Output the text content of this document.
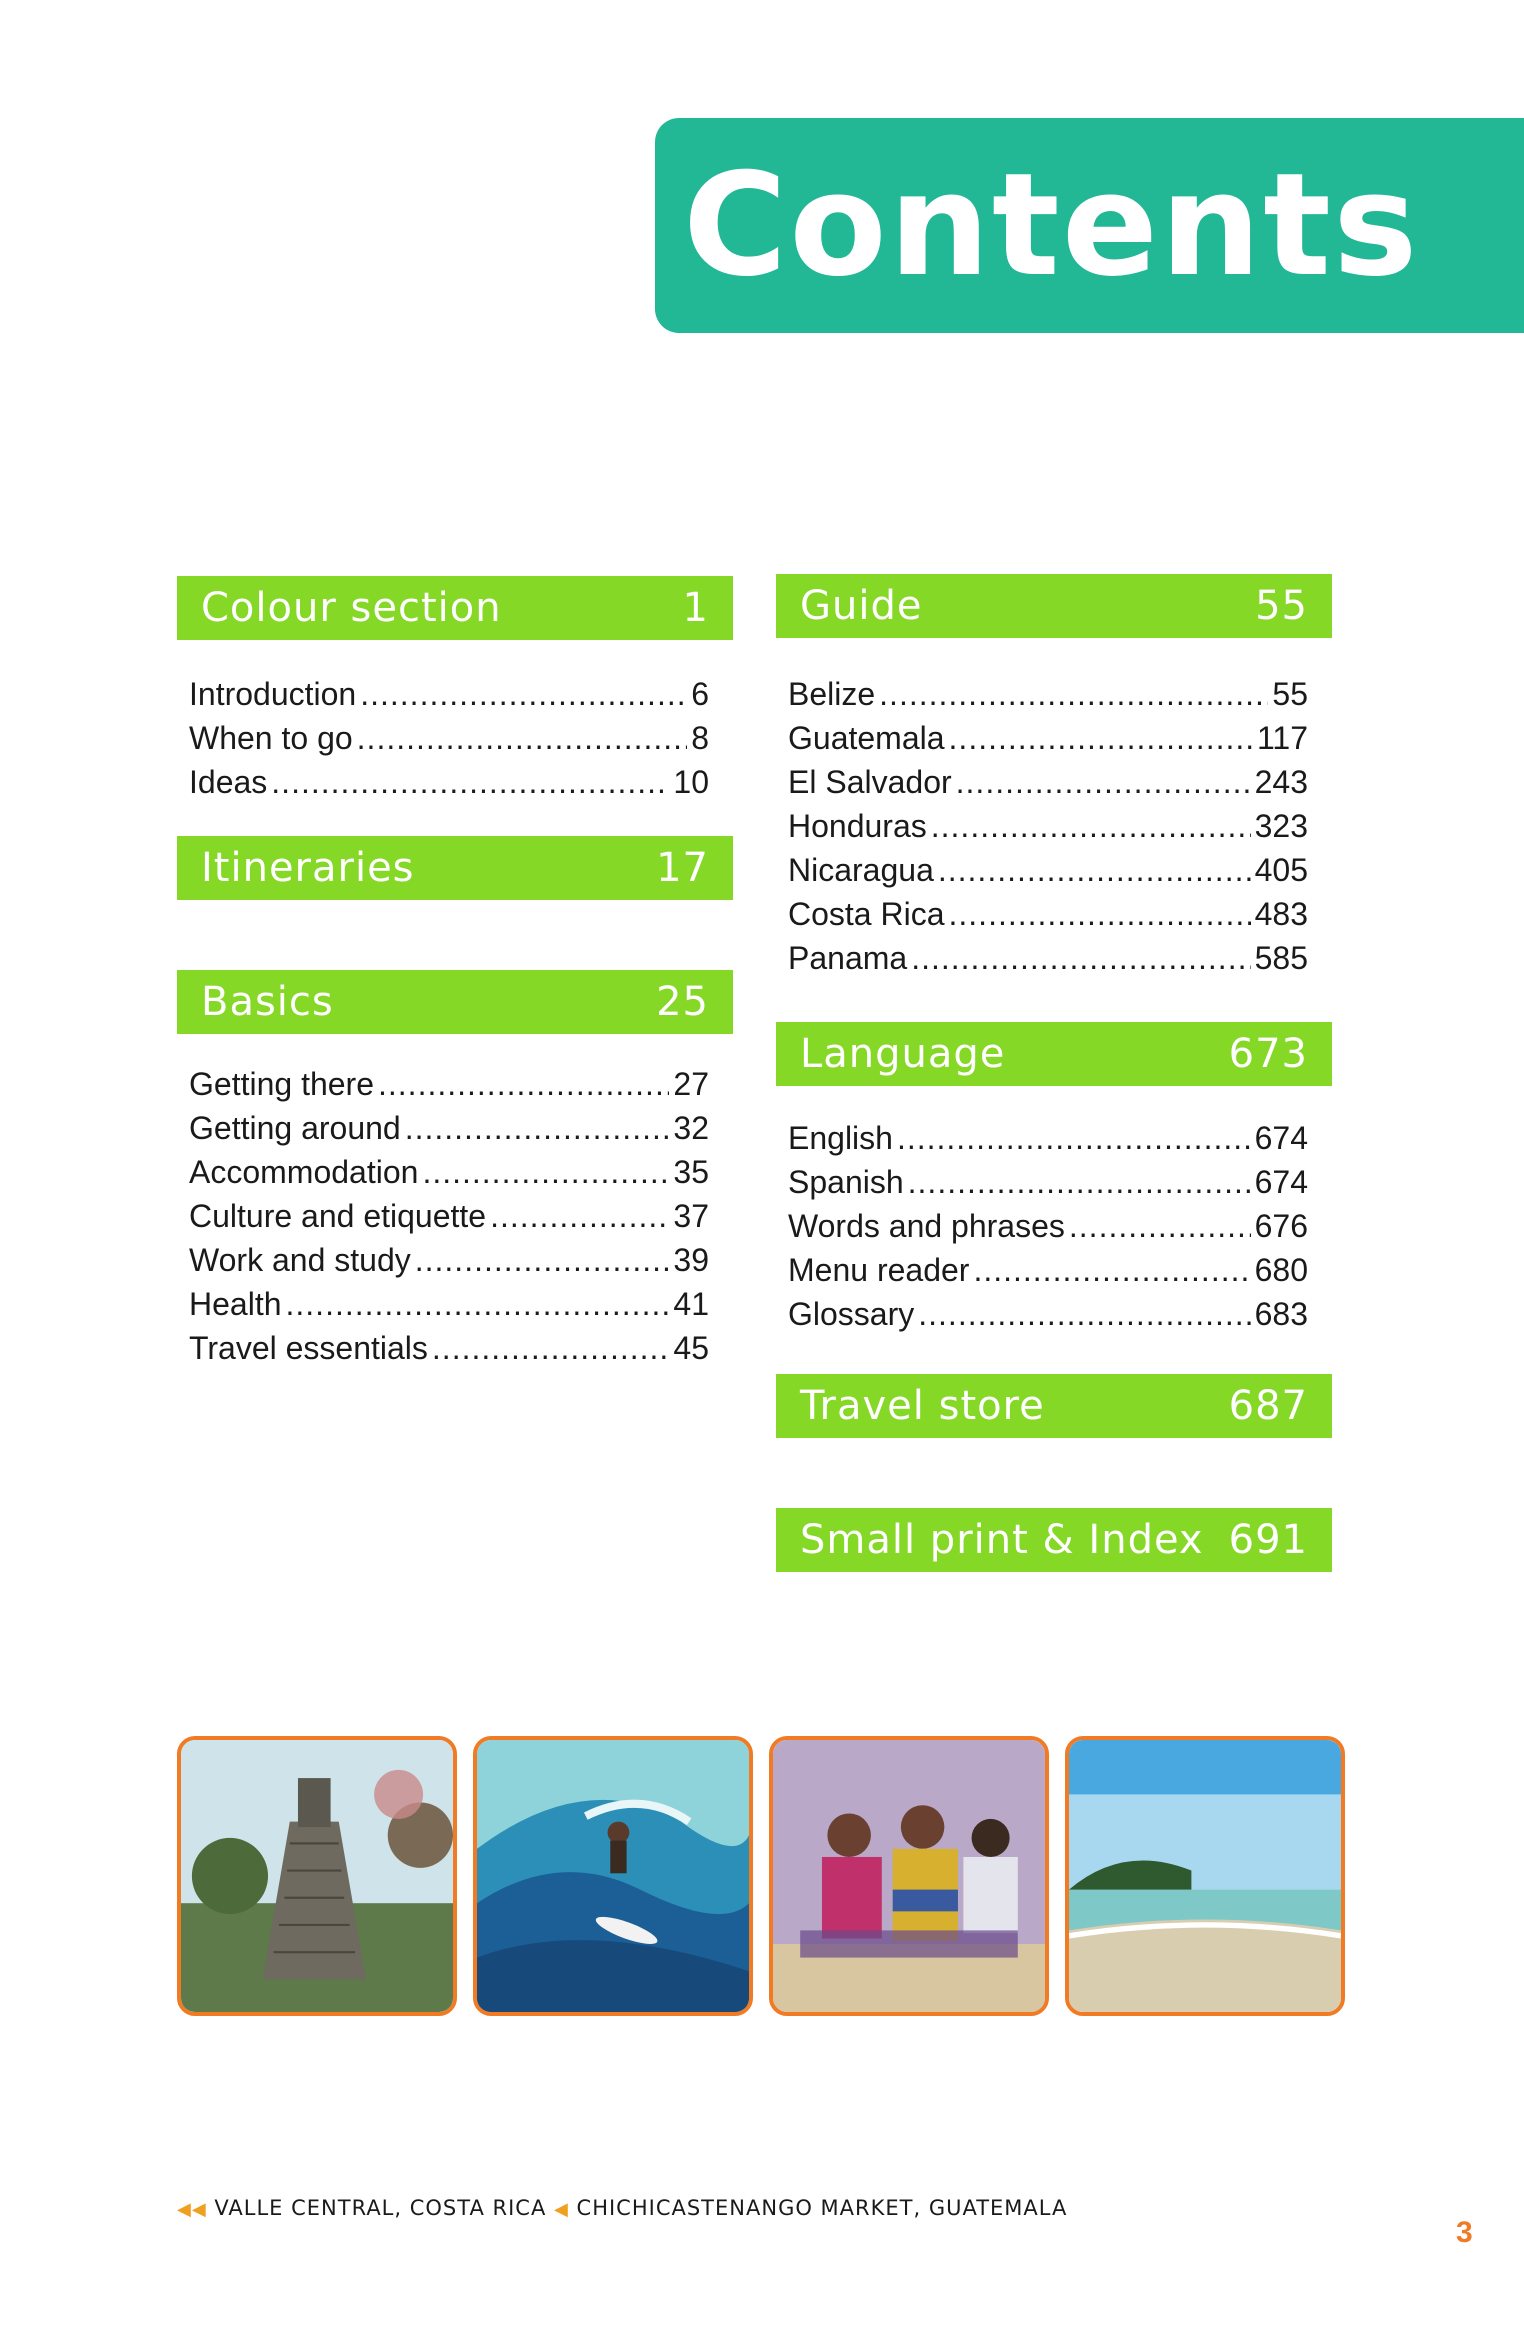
Contents
Colour section	1
Introduction .....	6
When to go .....	8
Ideas .....	10
Itineraries	17
Basics	25
Getting there .....	27
Getting around .....	32
Accommodation .....	35
Culture and etiquette .....	37
Work and study .....	39
Health .....	41
Travel essentials .....	45
Guide	55
Belize .....	55
Guatemala .....	117
El Salvador .....	243
Honduras .....	323
Nicaragua .....	405
Costa Rica .....	483
Panama .....	585
Language	673
English .....	674
Spanish .....	674
Words and phrases .....	676
Menu reader .....	680
Glossary .....	683
Travel store	687
Small print & Index 691
◀◀ VALLE CENTRAL, COSTA RICA ◀ CHICHICASTENANGO MARKET, GUATEMALA
3
